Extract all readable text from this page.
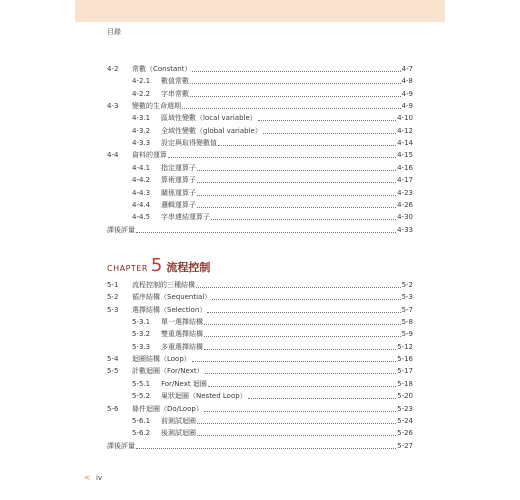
目錄
4-2	常數（Constant）	4-7
4-2.1	數值常數	4-8
4-2.2	字串常數	4-9
4-3	變數的生命週期	4-9
4-3.1	區域性變數（local variable）	4-10
4-3.2	全域性變數（global variable）	4-12
4-3.3	設定與取得變數值	4-14
4-4	資料的運算	4-15
4-4.1	指定運算子	4-16
4-4.2	算術運算子	4-17
4-4.3	關係運算子	4-23
4-4.4	邏輯運算子	4-26
4-4.5	字串連結運算子	4-30
課後評量	4-33
5-1	流程控制的三種結構	5-2
5-2	循序結構（Sequential）	5-3
5-3	選擇結構（Selection）	5-7
5-3.1	單一選擇結構	5-8
5-3.2	雙重選擇結構	5-9
5-3.3	多重選擇結構	5-12
5-4	迴圈結構（Loop）	5-16
5-5	計數迴圈（For/Next）	5-17
5-5.1	For/Next 迴圈	5-18
5-5.2	巢狀迴圈（Nested Loop）	5-20
5-6	條件迴圈（Do/Loop）	5-23
5-6.1	前測試迴圈	5-24
5-6.2	後測試迴圈	5-26
課後評量	5-27
CHAPTER 5 流程控制
< iv
